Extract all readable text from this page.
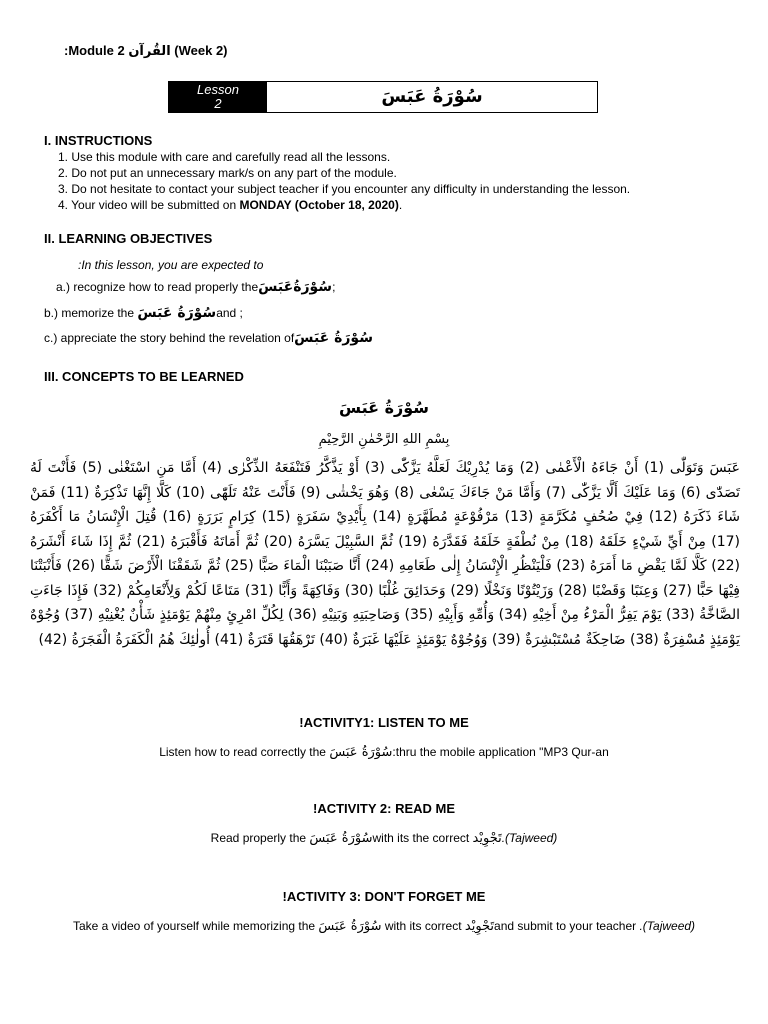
:Module 2 القُرآن (Week 2)
Lesson
2	سُوْرَةُ عَبَسَ
I. INSTRUCTIONS
1. Use this module with care and carefully read all the lessons.
2. Do not put an unnecessary mark/s on any part of the module.
3. Do not hesitate to contact your subject teacher if you encounter any difficulty in understanding the lesson.
4. Your video will be submitted on MONDAY (October 18, 2020).
II. LEARNING OBJECTIVES
:In this lesson, you are expected to
a.) recognize how to read properly theسُوْرَةُعَبَسَ;
b.) memorize the سُوْرَةُ عَبَسَand ;
c.) appreciate the story behind the revelation ofسُوْرَةُ عَبَسَ
III. CONCEPTS TO BE LEARNED
سُوْرَةُ عَبَسَ
بِسْمِ اللهِ الرَّحْمٰنِ الرَّحِيْمِ
عَبَسَ وَتَوَلّٰى (1) أَنْ جَاءَهُ الْأَعْمٰى (2) وَمَا يُدْرِيْكَ لَعَلَّهُ يَزَّكّٰى (3) أَوْ يَذَّكَّرُ فَتَنْفَعَهُ الذِّكْرٰى (4) أَمَّا مَنِ اسْتَغْنٰى (5) فَأَنْتَ لَهُ تَصَدّٰى (6) وَمَا عَلَيْكَ أَلَّا يَزَّكّٰى (7) وَأَمَّا مَنْ جَاءَكَ يَسْعٰى (8) وَهُوَ يَخْشٰى (9) فَأَنْتَ عَنْهُ تَلَهّٰى (10) كَلَّا إِنَّهَا تَذْكِرَةٌ (11) فَمَنْ شَاءَ ذَكَرَهُ (12) فِيْ صُحُفٍ مُكَرَّمَةٍ (13) مَرْفُوْعَةٍ مُطَهَّرَةٍ (14) بِأَيْدِيْ سَفَرَةٍ (15) كِرَامٍ بَرَرَةٍ (16) قُتِلَ الْإِنْسَانُ مَا أَكْفَرَهُ (17) مِنْ أَيِّ شَيْءٍ خَلَقَهُ (18) مِنْ نُطْفَةٍ خَلَقَهُ فَقَدَّرَهُ (19) ثُمَّ السَّبِيْلَ يَسَّرَهُ (20) ثُمَّ أَمَاتَهُ فَأَقْبَرَهُ (21) ثُمَّ إِذَا شَاءَ أَنْشَرَهُ (22) كَلَّا لَمَّا يَقْضِ مَا أَمَرَهُ (23) فَلْيَنْظُرِ الْإِنْسَانُ إِلٰى طَعَامِهِ (24) أَنَّا صَبَبْنَا الْمَاءَ صَبًّا (25) ثُمَّ شَقَقْنَا الْأَرْضَ شَقًّا (26) فَأَنْبَتْنَا فِيْهَا حَبًّا (27) وَعِنَبًا وَقَضْبًا (28) وَزَيْتُوْنًا وَنَخْلًا (29) وَحَدَائِقَ غُلْبًا (30) وَفَاكِهَةً وَأَبًّا (31) مَتَاعًا لَكُمْ وَلِأَنْعَامِكُمْ (32) فَإِذَا جَاءَتِ الصَّاخَّةُ (33) يَوْمَ يَفِرُّ الْمَرْءُ مِنْ أَخِيْهِ (34) وَأُمِّهِ وَأَبِيْهِ (35) وَصَاحِبَتِهِ وَبَنِيْهِ (36) لِكُلِّ امْرِئٍ مِنْهُمْ يَوْمَئِذٍ شَأْنٌ يُغْنِيْهِ (37) وُجُوْهٌ يَوْمَئِذٍ مُسْفِرَةٌ (38) ضَاحِكَةٌ مُسْتَبْشِرَةٌ (39) وَوُجُوْهٌ يَوْمَئِذٍ عَلَيْهَا غَبَرَةٌ (40) تَرْهَقُهَا قَتَرَةٌ (41) أُولٰئِكَ هُمُ الْكَفَرَةُ الْفَجَرَةُ (42)
!ACTIVITY1: LISTEN TO ME
Listen how to read correctly the سُوْرَةُ عَبَسَ:thru the mobile application "MP3 Qur-an
!ACTIVITY 2: READ ME
Read properly the سُوْرَةُ عَبَسَwith its the correct تَجْوِيْد.(Tajweed)
!ACTIVITY 3: DON'T FORGET ME
Take a video of yourself while memorizing the سُوْرَةُ عَبَسَ with its correct تَجْوِيْدand submit to your teacher .(Tajweed)
